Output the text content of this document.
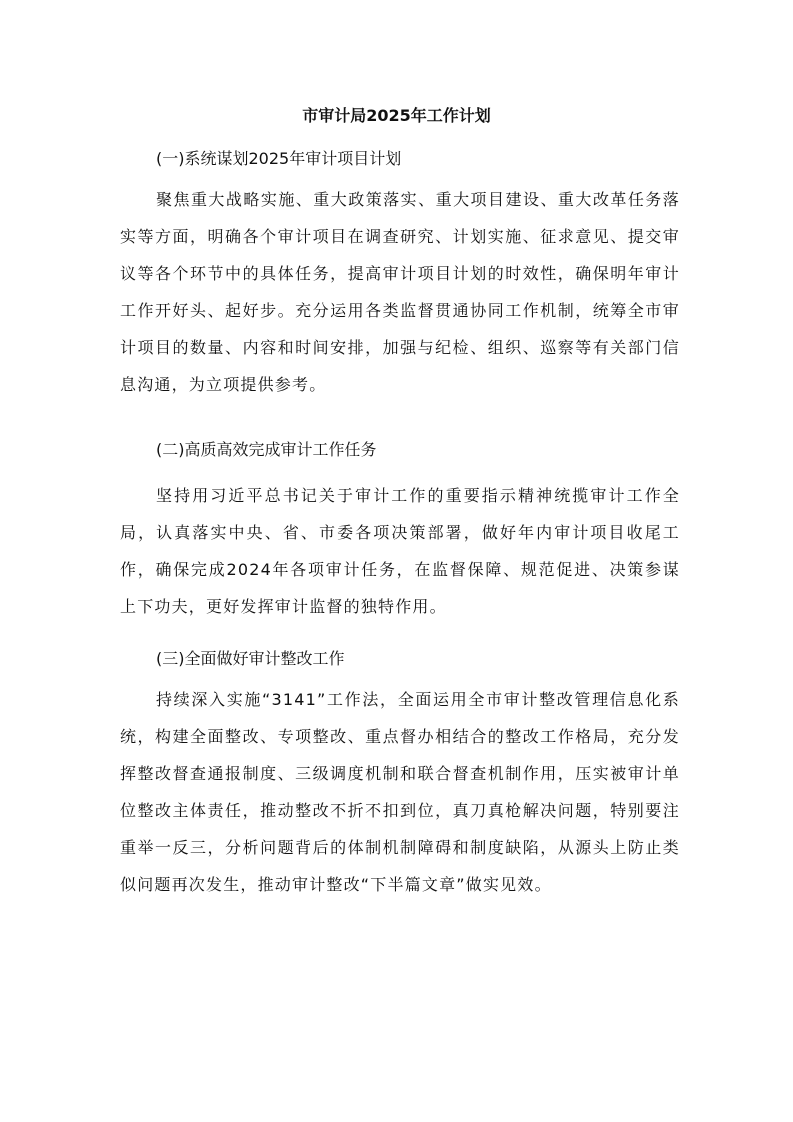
市审计局2025年工作计划
(一)系统谋划2025年审计项目计划

聚焦重大战略实施、重大政策落实、重大项目建设、重大改革任务落实等方面，明确各个审计项目在调查研究、计划实施、征求意见、提交审议等各个环节中的具体任务，提高审计项目计划的时效性，确保明年审计工作开好头、起好步。充分运用各类监督贯通协同工作机制，统筹全市审计项目的数量、内容和时间安排，加强与纪检、组织、巡察等有关部门信息沟通，为立项提供参考。

(二)高质高效完成审计工作任务

坚持用习近平总书记关于审计工作的重要指示精神统揽审计工作全局，认真落实中央、省、市委各项决策部署，做好年内审计项目收尾工作，确保完成2024年各项审计任务，在监督保障、规范促进、决策参谋上下功夫，更好发挥审计监督的独特作用。

(三)全面做好审计整改工作

持续深入实施“3141”工作法，全面运用全市审计整改管理信息化系统，构建全面整改、专项整改、重点督办相结合的整改工作格局，充分发挥整改督查通报制度、三级调度机制和联合督查机制作用，压实被审计单位整改主体责任，推动整改不折不扣到位，真刀真枪解决问题，特别要注重举一反三，分析问题背后的体制机制障碍和制度缺陷，从源头上防止类似问题再次发生，推动审计整改“下半篇文章”做实见效。
